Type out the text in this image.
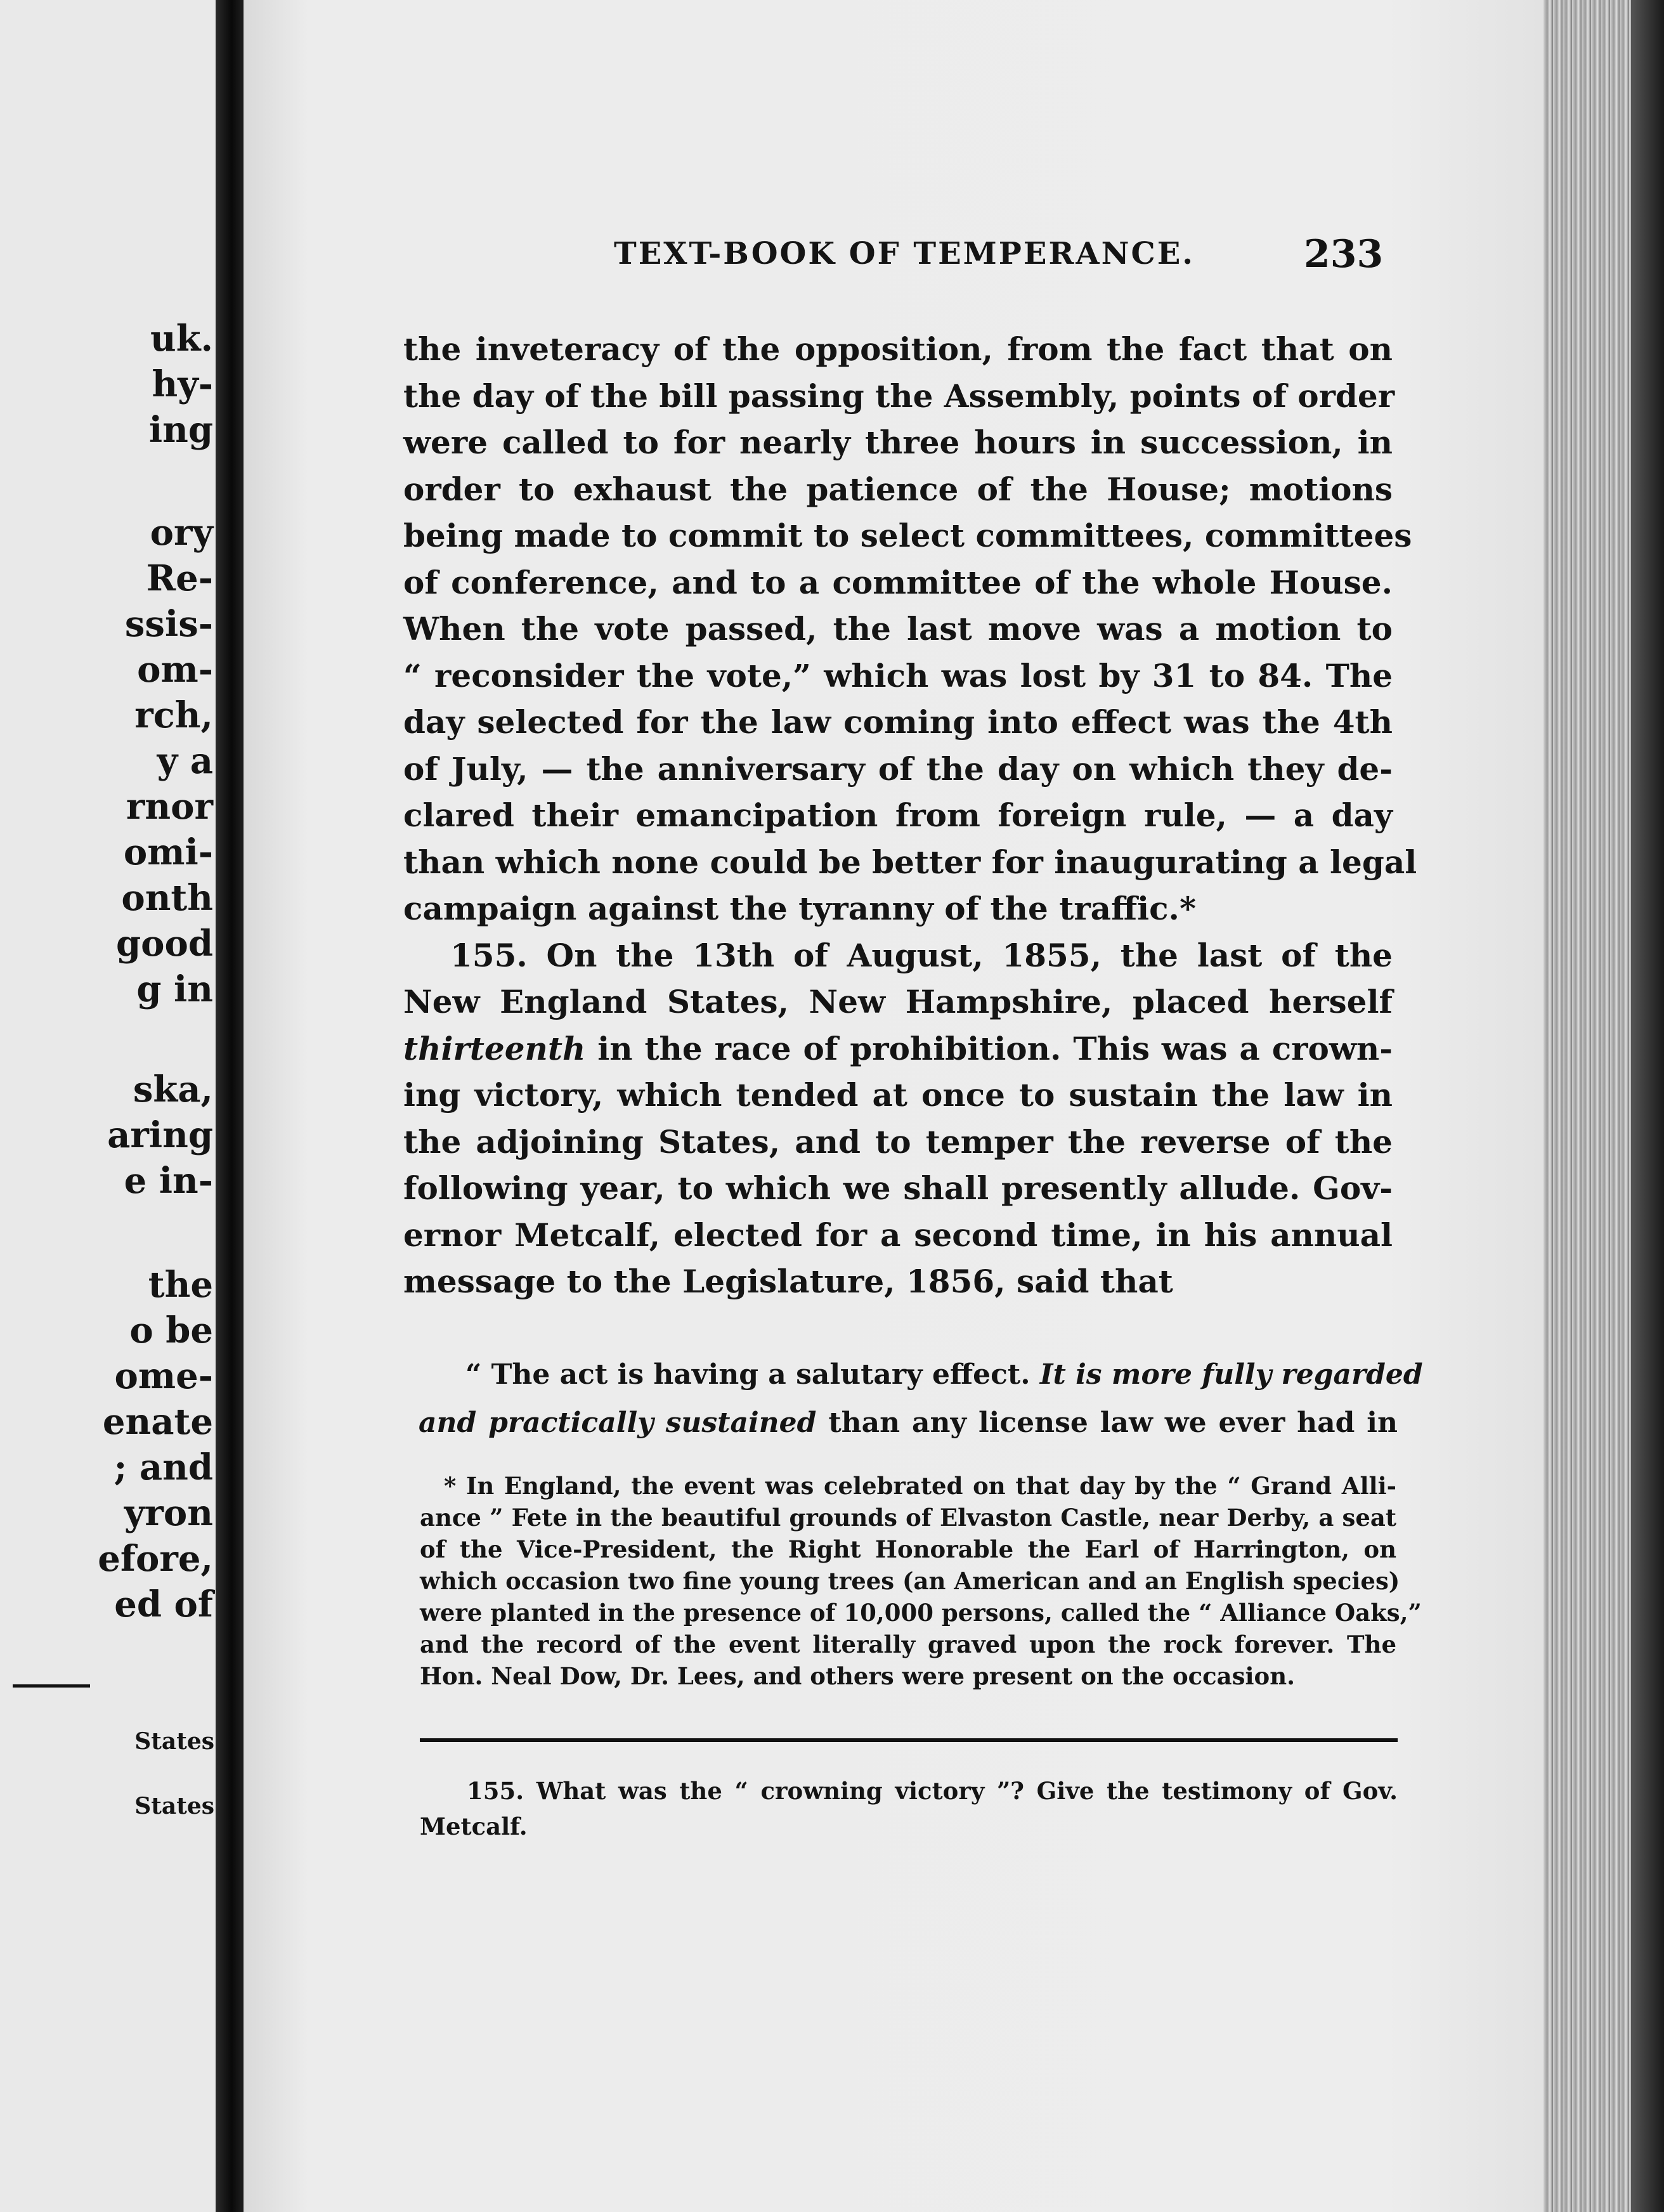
uk.
hy-
ing
ory
Re-
ssis-
om-
rch,
y a
rnor
omi-
onth
good
g in
ska,
aring
e in-
the
o be
ome-
enate
; and
yron
efore,
ed of
States
States
TEXT-BOOK OF TEMPERANCE.	233
the inveteracy of the opposition, from the fact that on
the day of the bill passing the Assembly, points of order
were called to for nearly three hours in succession, in
order to exhaust the patience of the House; motions
being made to commit to select committees, committees
of conference, and to a committee of the whole House.
When the vote passed, the last move was a motion to
“ reconsider the vote,” which was lost by 31 to 84. The
day selected for the law coming into effect was the 4th
of July, — the anniversary of the day on which they de-
clared their emancipation from foreign rule, — a day
than which none could be better for inaugurating a legal
campaign against the tyranny of the traffic.*
155. On the 13th of August, 1855, the last of the
New England States, New Hampshire, placed herself
thirteenth in the race of prohibition. This was a crown-
ing victory, which tended at once to sustain the law in
the adjoining States, and to temper the reverse of the
following year, to which we shall presently allude. Gov-
ernor Metcalf, elected for a second time, in his annual
message to the Legislature, 1856, said that
“ The act is having a salutary effect. It is more fully regarded
and practically sustained than any license law we ever had in
* In England, the event was celebrated on that day by the “ Grand Alli-
ance ” Fete in the beautiful grounds of Elvaston Castle, near Derby, a seat
of the Vice-President, the Right Honorable the Earl of Harrington, on
which occasion two fine young trees (an American and an English species)
were planted in the presence of 10,000 persons, called the “ Alliance Oaks,”
and the record of the event literally graved upon the rock forever. The
Hon. Neal Dow, Dr. Lees, and others were present on the occasion.
155. What was the “ crowning victory ”? Give the testimony of Gov.
Metcalf.
